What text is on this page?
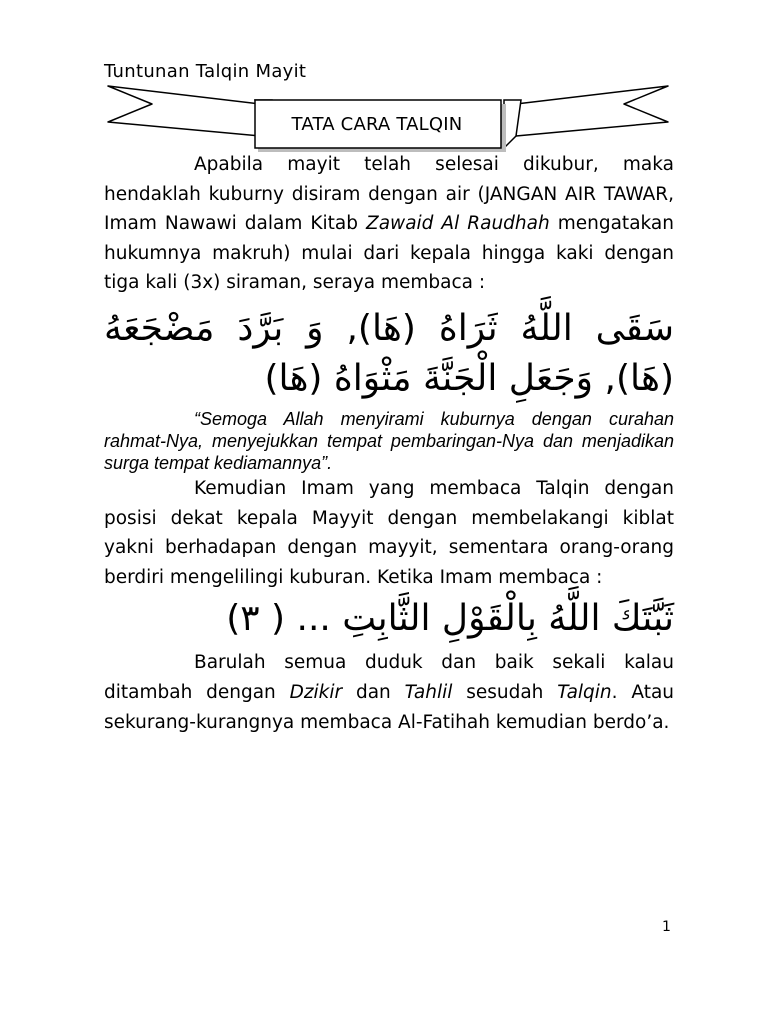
Tuntunan Talqin Mayit
TATA CARA TALQIN

Apabila mayit telah selesai dikubur, maka hendaklah kuburny disiram dengan air (JANGAN AIR TAWAR, Imam Nawawi dalam Kitab Zawaid Al Raudhah mengatakan hukumnya makruh) mulai dari kepala hingga kaki dengan tiga kali (3x) siraman, seraya membaca :

سَقَى اللَّهُ ثَرَاهُ (هَا), وَ بَرَّدَ مَضْجَعَهُ (هَا), وَجَعَلِ الْجَنَّةَ مَثْوَاهُ (هَا)

“Semoga Allah menyirami kuburnya dengan curahan rahmat-Nya, menyejukkan tempat pembaringan-Nya dan menjadikan surga tempat kediamannya”.

Kemudian Imam yang membaca Talqin dengan posisi dekat kepala Mayyit dengan membelakangi kiblat yakni berhadapan dengan mayyit, sementara orang-orang berdiri mengelilingi kuburan. Ketika Imam membaca :

ثَبَّتَكَ اللَّهُ بِالْقَوْلِ الثَّابِتِ ... ( ٣)

Barulah semua duduk dan baik sekali kalau ditambah dengan Dzikir dan Tahlil sesudah Talqin. Atau sekurang-kurangnya membaca Al-Fatihah kemudian berdo’a.

1
